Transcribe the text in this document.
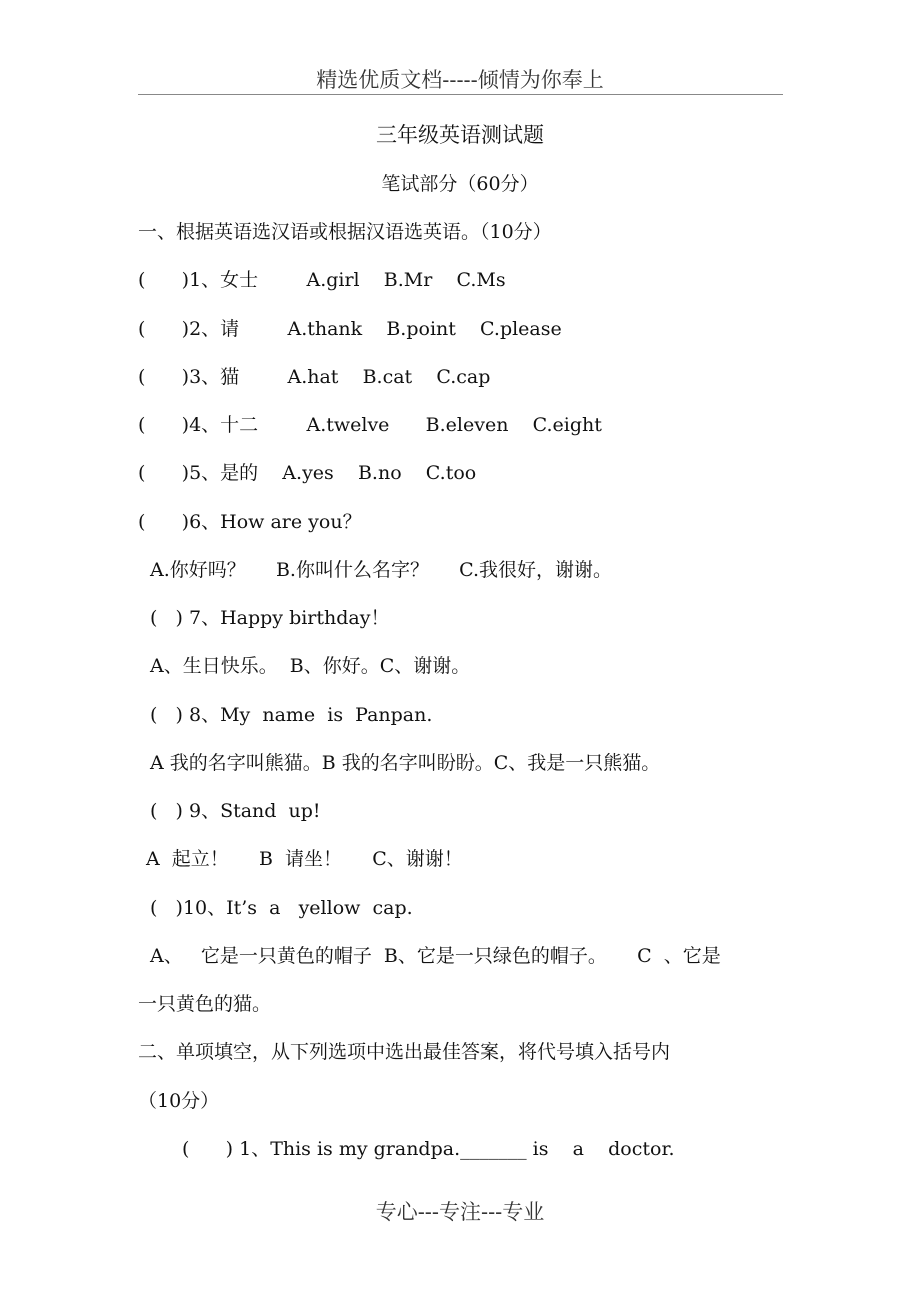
精选优质文档-----倾情为你奉上
三年级英语测试题
笔试部分（60分）
一、根据英语选汉语或根据汉语选英语。（10分）
(      )1、女士        A.girl    B.Mr    C.Ms
(      )2、请        A.thank    B.point    C.please
(      )3、猫        A.hat    B.cat    C.cap
(      )4、十二        A.twelve      B.eleven    C.eight
(      )5、是的    A.yes    B.no    C.too
(      )6、How are you？
A.你好吗？     B.你叫什么名字？     C.我很好，谢谢。
(   ) 7、Happy birthday！
A、生日快乐。  B、你好。C、谢谢。
(   ) 8、My  name  is  Panpan.
A 我的名字叫熊猫。B 我的名字叫盼盼。C、我是一只熊猫。
(   ) 9、Stand  up!
A  起立！     B  请坐！     C、谢谢！
(   )10、It’s  a   yellow  cap.
A、   它是一只黄色的帽子  B、它是一只绿色的帽子。     C  、它是
一只黄色的猫。
二、单项填空，从下列选项中选出最佳答案，将代号填入括号内
（10分）
(      ) 1、This is my grandpa._______ is    a    doctor.
专心---专注---专业
